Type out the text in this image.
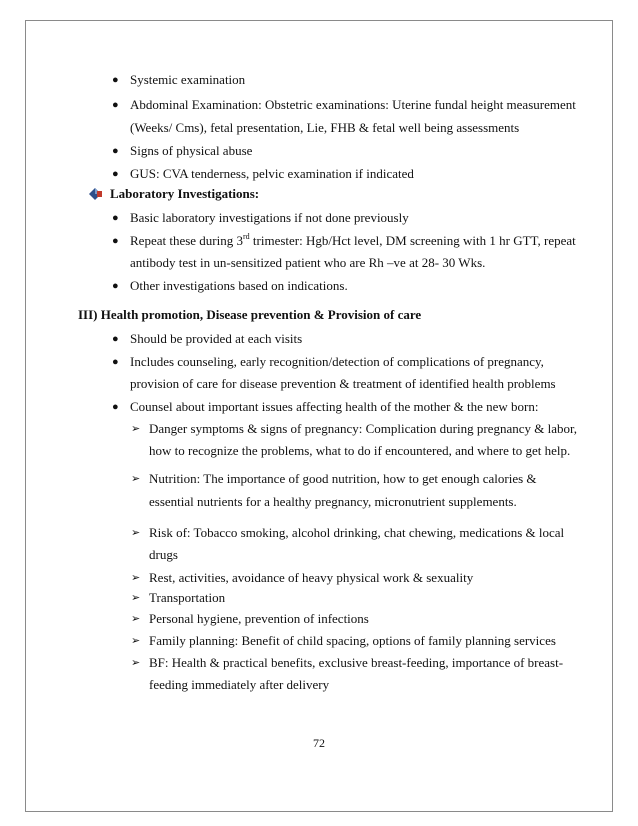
● Systemic examination
● Abdominal Examination: Obstetric examinations: Uterine fundal height measurement
(Weeks/ Cms), fetal presentation, Lie, FHB & fetal well being assessments
● Signs of physical abuse
● GUS: CVA tenderness, pelvic examination if indicated
Laboratory Investigations:
● Basic laboratory investigations if not done previously
● Repeat these during 3rd trimester: Hgb/Hct level, DM screening with 1 hr GTT, repeat
antibody test in un-sensitized patient who are Rh –ve at 28- 30 Wks.
● Other investigations based on indications.
III) Health promotion, Disease prevention & Provision of care
● Should be provided at each visits
● Includes counseling, early recognition/detection of complications of pregnancy,
provision of care for disease prevention & treatment of identified health problems
● Counsel about important issues affecting health of the mother & the new born:
➢ Danger symptoms & signs of pregnancy: Complication during pregnancy & labor,
how to recognize the problems, what to do if encountered, and where to get help.
➢ Nutrition: The importance of good nutrition, how to get enough calories &
essential nutrients for a healthy pregnancy, micronutrient supplements.
➢ Risk of: Tobacco smoking, alcohol drinking, chat chewing, medications & local
drugs
➢ Rest, activities, avoidance of heavy physical work & sexuality
➢ Transportation
➢ Personal hygiene, prevention of infections
➢ Family planning: Benefit of child spacing, options of family planning services
➢ BF: Health & practical benefits, exclusive breast-feeding, importance of breast-
feeding immediately after delivery
72
